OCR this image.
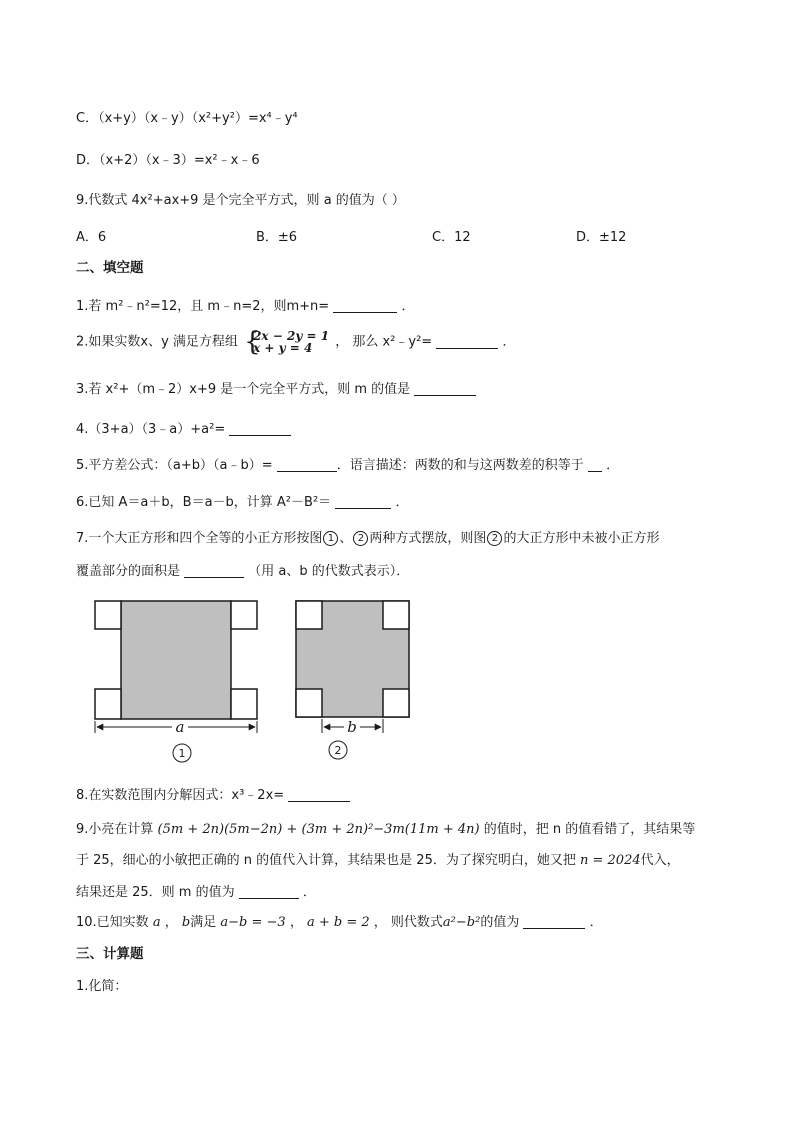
C．（x+y）（x﹣y）（x²+y²）=x⁴﹣y⁴
D．（x+2）（x﹣3）=x²﹣x﹣6
9.代数式 4x²+ax+9 是个完全平方式，则 a 的值为（ ）
A．6	B．±6	C．12	D．±12
二、填空题
1.若 m²﹣n²=12，且 m﹣n=2，则m+n=	．
2.如果实数x、y 满足方程组 {
2x − 2y = 1
x + y = 4	， 那么 x²﹣y²=	．
3.若 x²+（m﹣2）x+9 是一个完全平方式，则 m 的值是
4.（3+a）（3﹣a）+a²=
5.平方差公式：（a+b）（a﹣b）=	．语言描述：两数的和与这两数差的积等于 ．
6.已知 A＝a＋b，B＝a－b，计算 A²－B²＝	．
7.一个大正方形和四个全等的小正方形按图 1 、 2 两种方式摆放，则图 2 的大正方形中未被小正方形
覆盖部分的面积是	（用 a、b 的代数式表示）．
a
1
b
2
8.在实数范围内分解因式：x³﹣2x=
9.小亮在计算 (5m + 2n)(5m−2n) + (3m + 2n)²−3m(11m + 4n) 的值时，把 n 的值看错了，其结果等
于 25，细心的小敏把正确的 n 的值代入计算，其结果也是 25．为了探究明白，她又把 n = 2024代入，
结果还是 25．则 m 的值为	．
10.已知实数 a ， b满足 a−b = −3 ， a + b = 2 ， 则代数式a²−b²的值为	．
三、计算题
1.化简：
